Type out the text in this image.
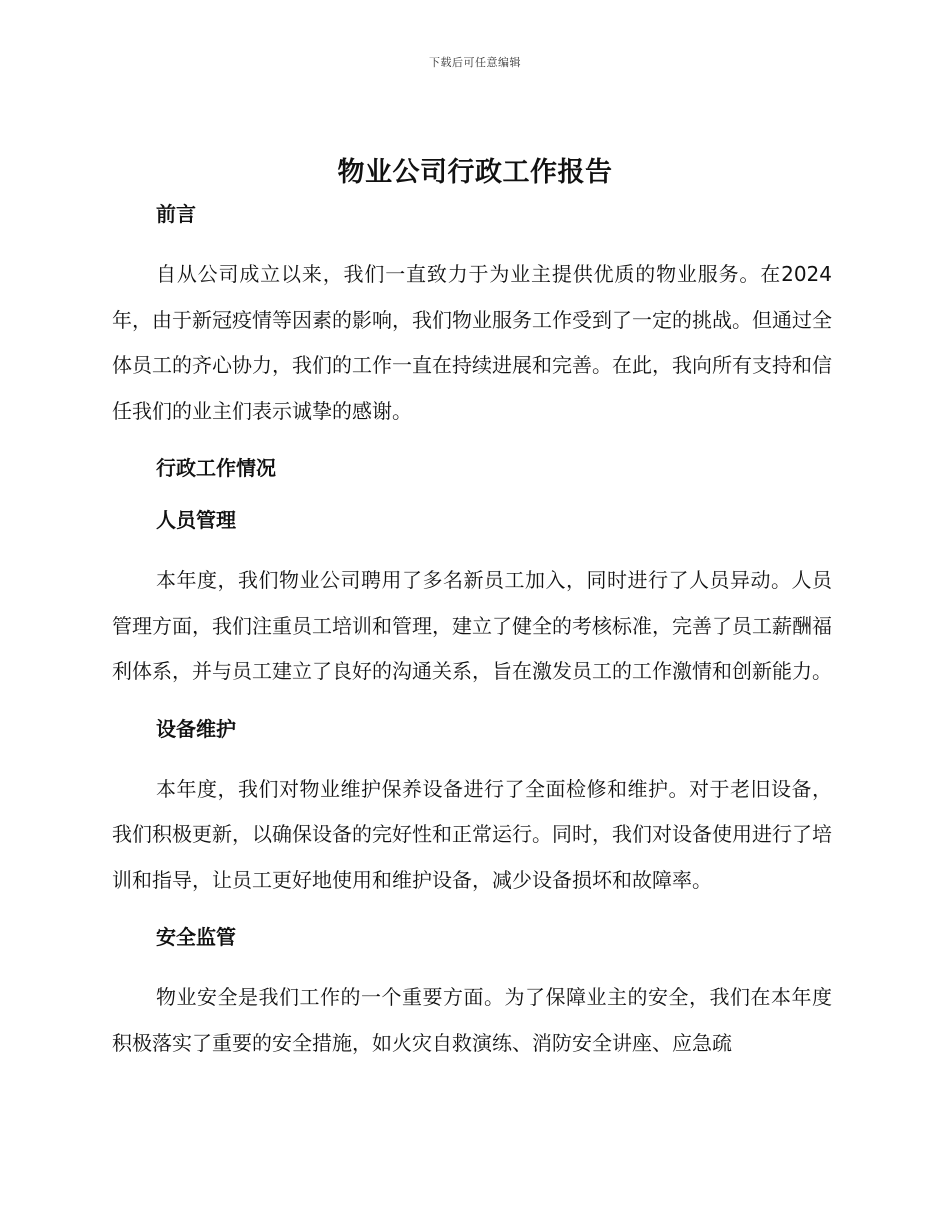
下载后可任意编辑
物业公司行政工作报告
前言
自从公司成立以来，我们一直致力于为业主提供优质的物业服务。在2024 年，由于新冠疫情等因素的影响，我们物业服务工作受到了一定的挑战。但通过全体员工的齐心协力，我们的工作一直在持续进展和完善。在此，我向所有支持和信任我们的业主们表示诚挚的感谢。
行政工作情况
人员管理
本年度，我们物业公司聘用了多名新员工加入，同时进行了人员异动。人员管理方面，我们注重员工培训和管理，建立了健全的考核标准，完善了员工薪酬福利体系，并与员工建立了良好的沟通关系，旨在激发员工的工作激情和创新能力。
设备维护
本年度，我们对物业维护保养设备进行了全面检修和维护。对于老旧设备，我们积极更新，以确保设备的完好性和正常运行。同时，我们对设备使用进行了培训和指导，让员工更好地使用和维护设备，减少设备损坏和故障率。
安全监管
物业安全是我们工作的一个重要方面。为了保障业主的安全，我们在本年度积极落实了重要的安全措施，如火灾自救演练、消防安全讲座、应急疏
